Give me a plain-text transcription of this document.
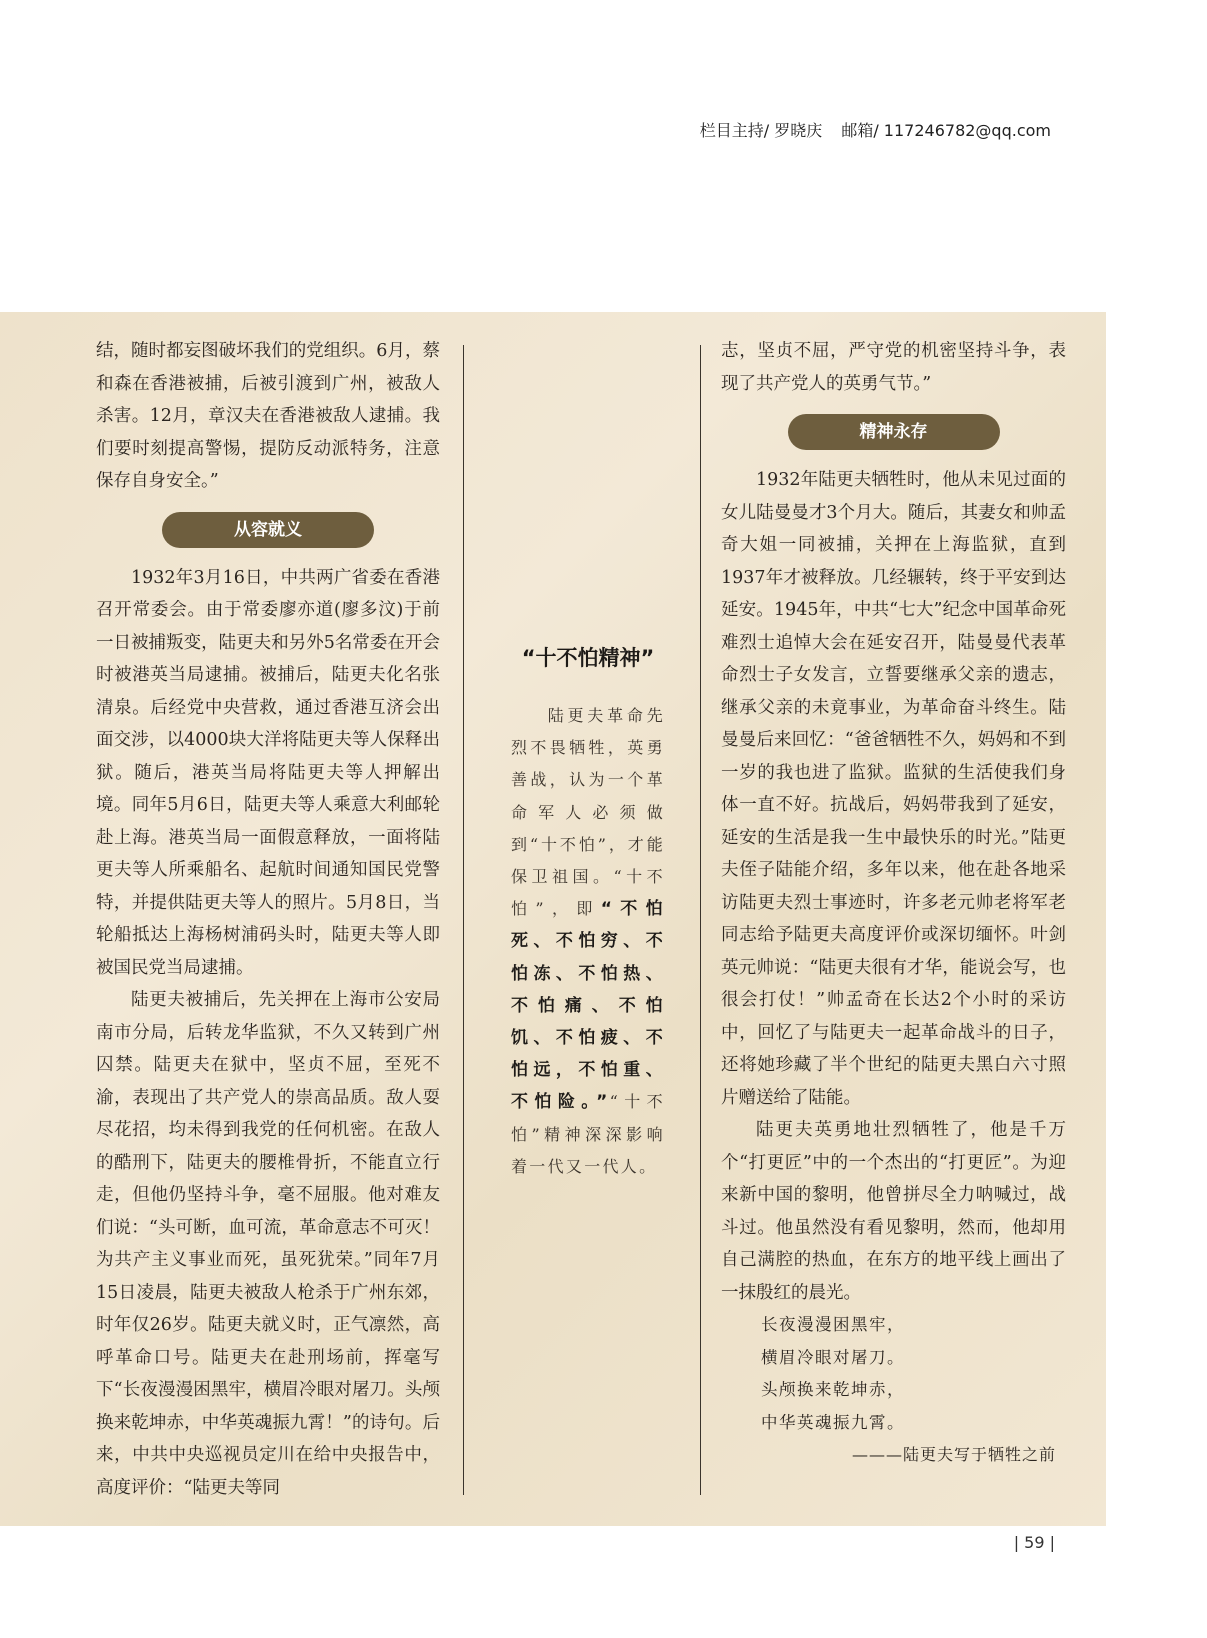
栏目主持/ 罗晓庆 邮箱/ 117246782@qq.com

结，随时都妄图破坏我们的党组织。6月，蔡和森在香港被捕，后被引渡到广州，被敌人杀害。12月，章汉夫在香港被敌人逮捕。我们要时刻提高警惕，提防反动派特务，注意保存自身安全。”

从容就义

1932年3月16日，中共两广省委在香港召开常委会。由于常委廖亦道(廖多汶)于前一日被捕叛变，陆更夫和另外5名常委在开会时被港英当局逮捕。被捕后，陆更夫化名张清泉。后经党中央营救，通过香港互济会出面交涉，以4000块大洋将陆更夫等人保释出狱。随后，港英当局将陆更夫等人押解出境。同年5月6日，陆更夫等人乘意大利邮轮赴上海。港英当局一面假意释放，一面将陆更夫等人所乘船名、起航时间通知国民党警特，并提供陆更夫等人的照片。5月8日，当轮船抵达上海杨树浦码头时，陆更夫等人即被国民党当局逮捕。

陆更夫被捕后，先关押在上海市公安局南市分局，后转龙华监狱，不久又转到广州囚禁。陆更夫在狱中，坚贞不屈，至死不渝，表现出了共产党人的崇高品质。敌人耍尽花招，均未得到我党的任何机密。在敌人的酷刑下，陆更夫的腰椎骨折，不能直立行走，但他仍坚持斗争，毫不屈服。他对难友们说：“头可断，血可流，革命意志不可灭！为共产主义事业而死，虽死犹荣。”同年7月15日凌晨，陆更夫被敌人枪杀于广州东郊，时年仅26岁。陆更夫就义时，正气凛然，高呼革命口号。陆更夫在赴刑场前，挥毫写下“长夜漫漫困黑牢，横眉冷眼对屠刀。头颅换来乾坤赤，中华英魂振九霄！”的诗句。后来，中共中央巡视员定川在给中央报告中，高度评价：“陆更夫等同

“十不怕精神”
陆更夫革命先烈不畏牺牲，英勇善战，认为一个革命军人必须做到“十不怕”，才能保卫祖国。“十不怕”，即“不怕死、不怕穷、不怕冻、不怕热、不怕痛、不怕饥、不怕疲、不怕远，不怕重、不怕险。”“十不怕”精神深深影响着一代又一代人。

志，坚贞不屈，严守党的机密坚持斗争，表现了共产党人的英勇气节。”

精神永存

1932年陆更夫牺牲时，他从未见过面的女儿陆曼曼才3个月大。随后，其妻女和帅孟奇大姐一同被捕，关押在上海监狱，直到1937年才被释放。几经辗转，终于平安到达延安。1945年，中共“七大”纪念中国革命死难烈士追悼大会在延安召开，陆曼曼代表革命烈士子女发言，立誓要继承父亲的遗志，继承父亲的未竟事业，为革命奋斗终生。陆曼曼后来回忆：“爸爸牺牲不久，妈妈和不到一岁的我也进了监狱。监狱的生活使我们身体一直不好。抗战后，妈妈带我到了延安，延安的生活是我一生中最快乐的时光。”陆更夫侄子陆能介绍，多年以来，他在赴各地采访陆更夫烈士事迹时，许多老元帅老将军老同志给予陆更夫高度评价或深切缅怀。叶剑英元帅说：“陆更夫很有才华，能说会写，也很会打仗！”帅孟奇在长达2个小时的采访中，回忆了与陆更夫一起革命战斗的日子，还将她珍藏了半个世纪的陆更夫黑白六寸照片赠送给了陆能。

陆更夫英勇地壮烈牺牲了，他是千万个“打更匠”中的一个杰出的“打更匠”。为迎来新中国的黎明，他曾拼尽全力呐喊过，战斗过。他虽然没有看见黎明，然而，他却用自己满腔的热血，在东方的地平线上画出了一抹殷红的晨光。

长夜漫漫困黑牢，
横眉冷眼对屠刀。
头颅换来乾坤赤，
中华英魂振九霄。
———陆更夫写于牺牲之前
| 59 |
